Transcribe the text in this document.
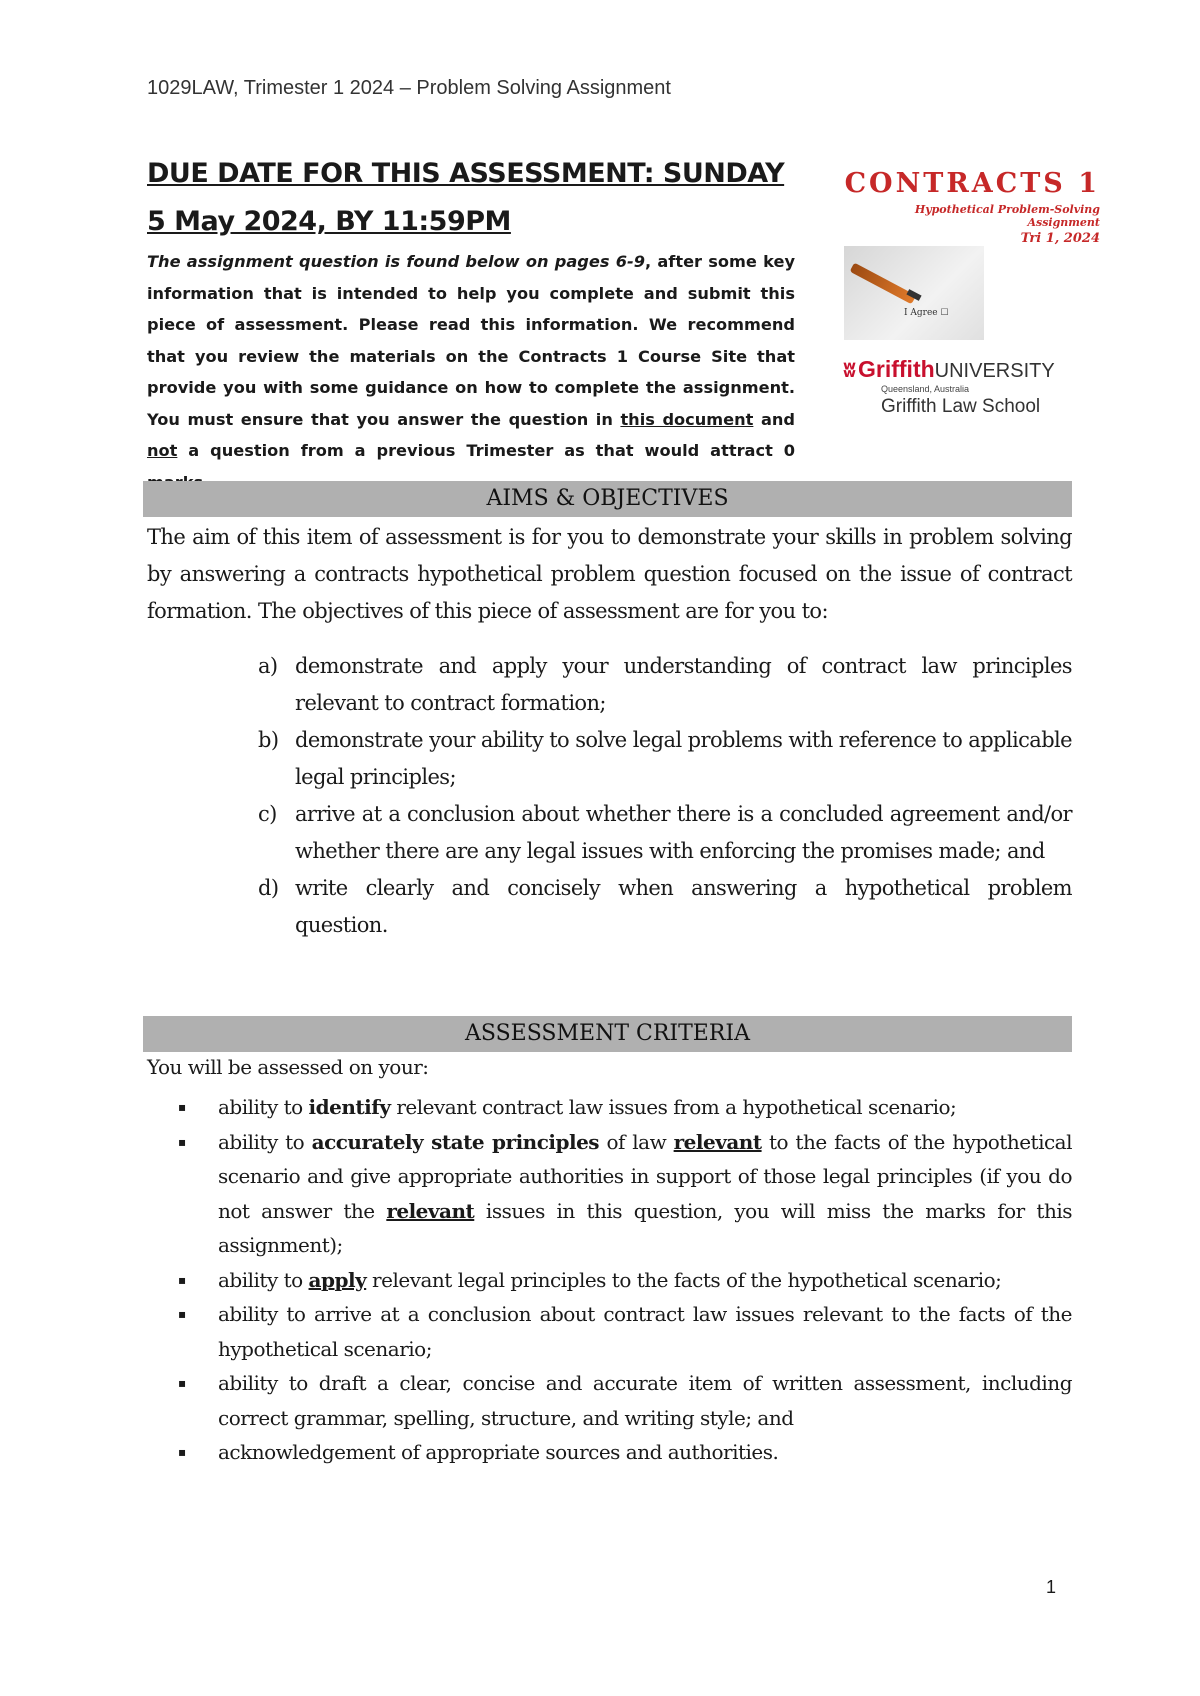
1029LAW, Trimester 1 2024 – Problem Solving Assignment
DUE DATE FOR THIS ASSESSMENT: SUNDAY 5 May 2024, BY 11:59PM
The assignment question is found below on pages 6-9, after some key information that is intended to help you complete and submit this piece of assessment. Please read this information. We recommend that you review the materials on the Contracts 1 Course Site that provide you with some guidance on how to complete the assignment. You must ensure that you answer the question in this document and not a question from a previous Trimester as that would attract 0
CONTRACTS 1
Hypothetical Problem-Solving Assignment
Tri 1, 2024
I Agree ☐
ʬ Griffith UNIVERSITY
Queensland, Australia
Griffith Law School
AIMS & OBJECTIVES
The aim of this item of assessment is for you to demonstrate your skills in problem solving by answering a contracts hypothetical problem question focused on the issue of contract formation. The objectives of this piece of assessment are for you to:
a) demonstrate and apply your understanding of contract law principles relevant to contract formation;
b) demonstrate your ability to solve legal problems with reference to applicable legal principles;
c) arrive at a conclusion about whether there is a concluded agreement and/or whether there are any legal issues with enforcing the promises made; and
d) write clearly and concisely when answering a hypothetical problem question.
ASSESSMENT CRITERIA
You will be assessed on your:
▪	ability to identify relevant contract law issues from a hypothetical scenario;
▪	ability to accurately state principles of law relevant to the facts of the hypothetical scenario and give appropriate authorities in support of those legal principles (if you do not answer the relevant issues in this question, you will miss the marks for this assignment);
▪	ability to apply relevant legal principles to the facts of the hypothetical scenario;
▪	ability to arrive at a conclusion about contract law issues relevant to the facts of the hypothetical scenario;
▪	ability to draft a clear, concise and accurate item of written assessment, including correct grammar, spelling, structure, and writing style; and
▪	acknowledgement of appropriate sources and authorities.
1
